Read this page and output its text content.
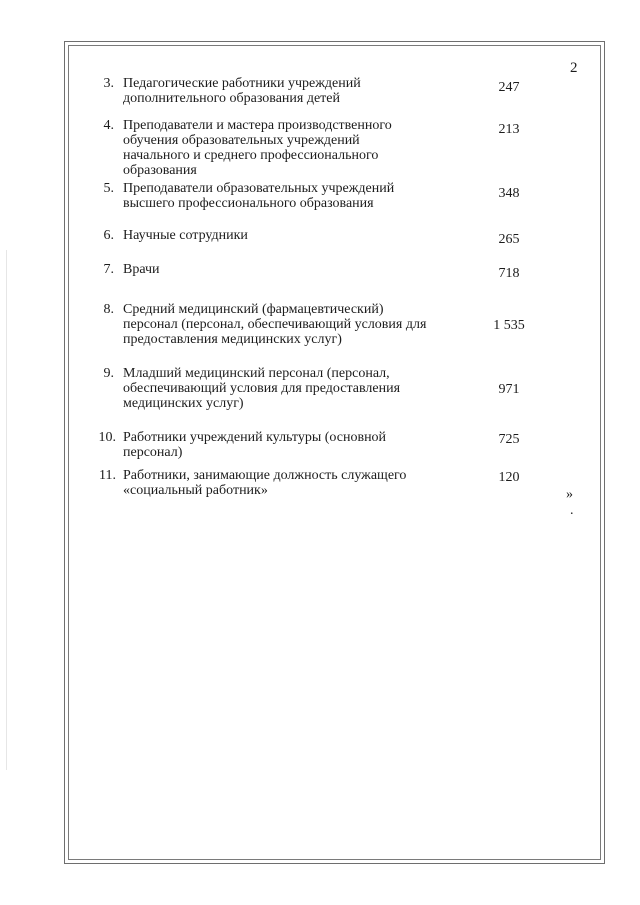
2
3. Педагогические работники учреждений
дополнительного образования детей
247
4. Преподаватели и мастера производственного
обучения образовательных учреждений
начального и среднего профессионального
образования
213
5. Преподаватели образовательных учреждений
высшего профессионального образования
348
6. Научные сотрудники	265
7. Врачи	718
8. Средний медицинский (фармацевтический)
персонал (персонал, обеспечивающий условия для
предоставления медицинских услуг)
1 535
9. Младший медицинский персонал (персонал,
обеспечивающий условия для предоставления
медицинских услуг)
971
10. Работники учреждений культуры (основной
персонал)
725
11. Работники, занимающие должность служащего
«социальный работник»
120
»
.
